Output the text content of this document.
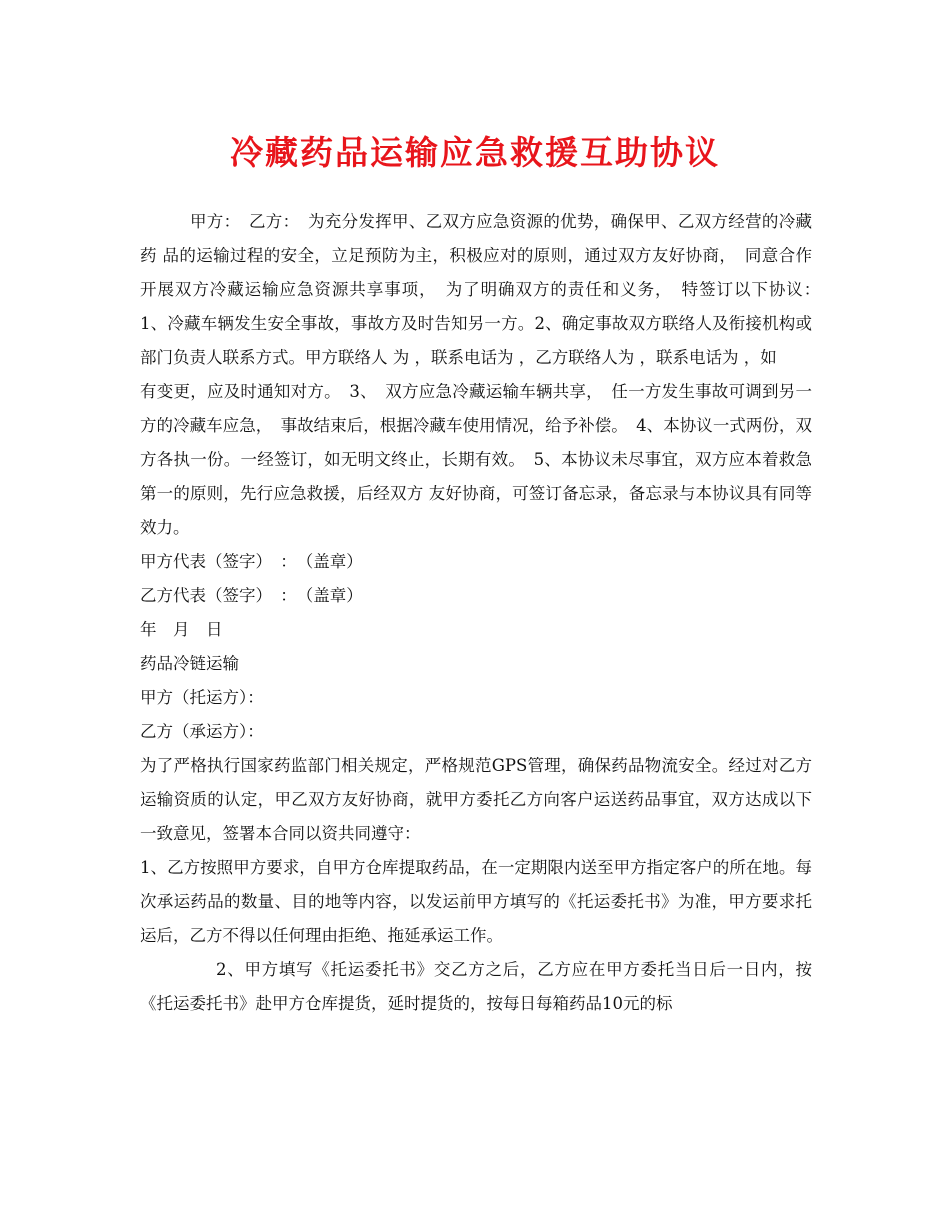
冷藏药品运输应急救援互助协议

甲方：　乙方：　为充分发挥甲、乙双方应急资源的优势，确保甲、乙双方经营的冷藏药 品的运输过程的安全，立足预防为主，积极应对的原则，通过双方友好协商，　同意合作开展双方冷藏运输应急资源共享事项，　为了明确双方的责任和义务，　特签订以下协议：　1、冷藏车辆发生安全事故，事故方及时告知另一方。2、确定事故双方联络人及衔接机构或部门负责人联系方式。甲方联络人 为 ，联系电话为 ，乙方联络人为 ，联系电话为 ，如

有变更，应及时通知对方。　3、　双方应急冷藏运输车辆共享，　任一方发生事故可调到另一方的冷藏车应急，　事故结束后，根据冷藏车使用情况，给予补偿。　4、本协议一式两份，双方各执一份。一经签订，如无明文终止，长期有效。　5、本协议未尽事宜，双方应本着救急第一的原则，先行应急救援，后经双方 友好协商，可签订备忘录，备忘录与本协议具有同等效力。

甲方代表（签字）　：　（盖章）

乙方代表（签字）　：　（盖章）

年　月　日

药品冷链运输

甲方（托运方）：

乙方（承运方）：

为了严格执行国家药监部门相关规定，严格规范GPS管理，确保药品物流安全。经过对乙方运输资质的认定，甲乙双方友好协商，就甲方委托乙方向客户运送药品事宜，双方达成以下一致意见，签署本合同以资共同遵守：

1、乙方按照甲方要求，自甲方仓库提取药品，在一定期限内送至甲方指定客户的所在地。每次承运药品的数量、目的地等内容，以发运前甲方填写的《托运委托书》为准，甲方要求托运后，乙方不得以任何理由拒绝、拖延承运工作。

2、甲方填写《托运委托书》交乙方之后，乙方应在甲方委托当日后一日内，按《托运委托书》赴甲方仓库提货，延时提货的，按每日每箱药品10元的标
